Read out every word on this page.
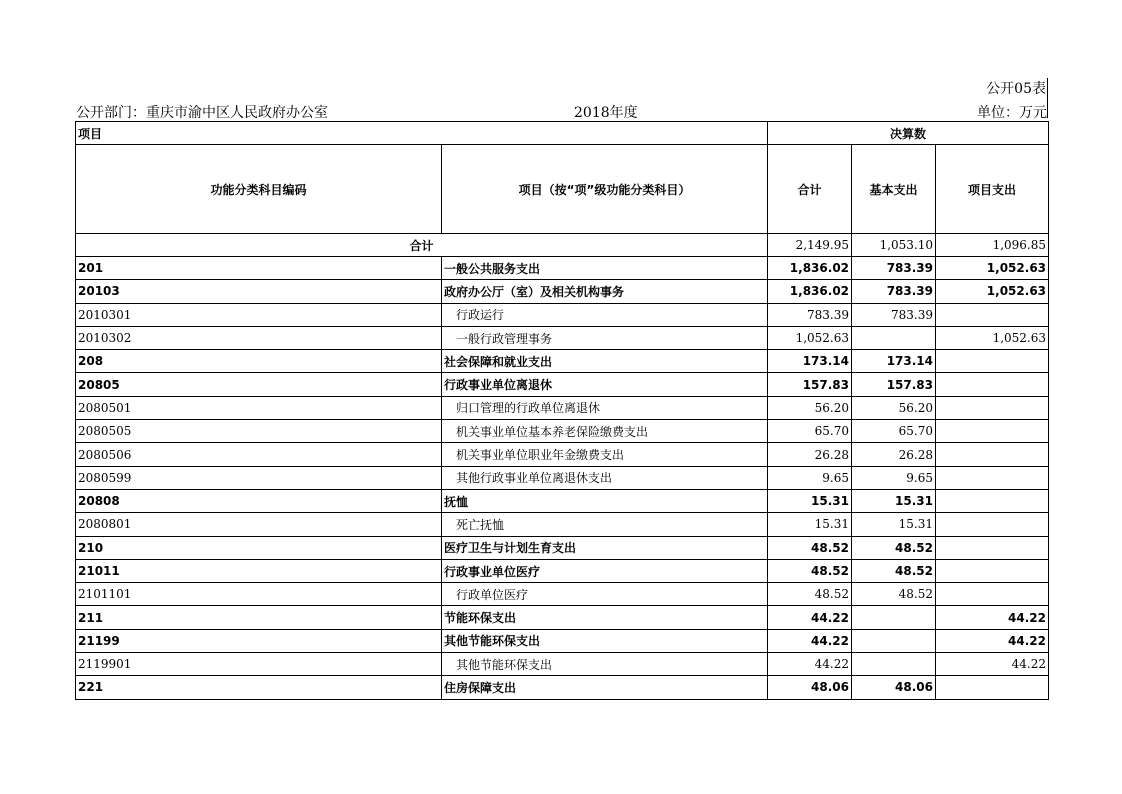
公开05表
公开部门：重庆市渝中区人民政府办公室	2018年度	单位：万元
项目		决算数		
功能分类科目编码	项目（按“项”级功能分类科目）	合计	基本支出	项目支出
合计		2,149.95	1,053.10	1,096.85
201	一般公共服务支出	1,836.02	783.39	1,052.63
20103	政府办公厅（室）及相关机构事务	1,836.02	783.39	1,052.63
2010301	行政运行	783.39	783.39	
2010302	一般行政管理事务	1,052.63		1,052.63
208	社会保障和就业支出	173.14	173.14	
20805	行政事业单位离退休	157.83	157.83	
2080501	归口管理的行政单位离退休	56.20	56.20	
2080505	机关事业单位基本养老保险缴费支出	65.70	65.70	
2080506	机关事业单位职业年金缴费支出	26.28	26.28	
2080599	其他行政事业单位离退休支出	9.65	9.65	
20808	抚恤	15.31	15.31	
2080801	死亡抚恤	15.31	15.31	
210	医疗卫生与计划生育支出	48.52	48.52	
21011	行政事业单位医疗	48.52	48.52	
2101101	行政单位医疗	48.52	48.52	
211	节能环保支出	44.22		44.22
21199	其他节能环保支出	44.22		44.22
2119901	其他节能环保支出	44.22		44.22
221	住房保障支出	48.06	48.06	
